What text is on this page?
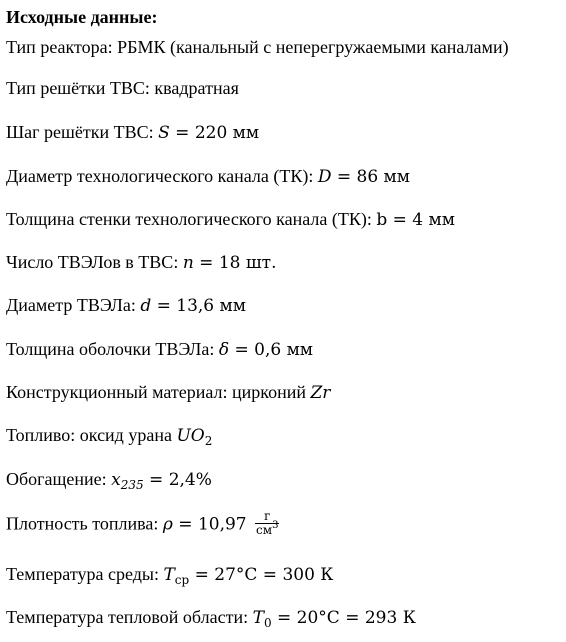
Исходные данные:
Тип реактора: РБМК (канальный с неперегружаемыми каналами)
Тип решётки ТВС: квадратная
Шаг решётки ТВС: S = 220 мм
Диаметр технологического канала (ТК): D = 86 мм
Толщина стенки технологического канала (ТК): b = 4 мм
Число ТВЭЛов в ТВС: n = 18 шт.
Диаметр ТВЭЛа: d = 13,6 мм
Толщина оболочки ТВЭЛа: δ = 0,6 мм
Конструкционный материал: цирконий Zr
Топливо: оксид урана $UO_2$
Обогащение: $x_{235} = 2,4\%$
Плотность топлива: $\rho = 10,97 \frac{г}{см^3}$
Температура среды: $T_{ср} = 27^\circ C = 300$ К
Температура тепловой области: $T_0 = 20^\circ C = 293$ К
